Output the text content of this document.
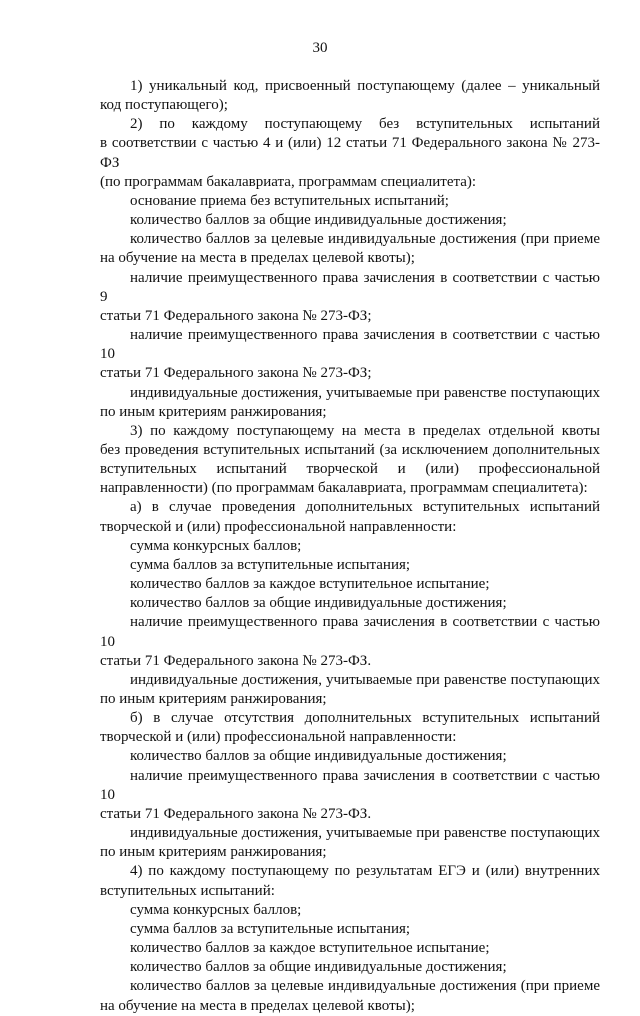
30

1) уникальный код, присвоенный поступающему (далее – уникальный
код поступающего);

2) по каждому поступающему без вступительных испытаний
в соответствии с частью 4 и (или) 12 статьи 71 Федерального закона № 273-ФЗ
(по программам бакалавриата, программам специалитета):

основание приема без вступительных испытаний;

количество баллов за общие индивидуальные достижения;

количество баллов за целевые индивидуальные достижения (при приеме
на обучение на места в пределах целевой квоты);

наличие преимущественного права зачисления в соответствии с частью 9
статьи 71 Федерального закона № 273-ФЗ;

наличие преимущественного права зачисления в соответствии с частью 10
статьи 71 Федерального закона № 273-ФЗ;

индивидуальные достижения, учитываемые при равенстве поступающих
по иным критериям ранжирования;

3) по каждому поступающему на места в пределах отдельной квоты
без проведения вступительных испытаний (за исключением дополнительных
вступительных испытаний творческой и (или) профессиональной
направленности) (по программам бакалавриата, программам специалитета):

а) в случае проведения дополнительных вступительных испытаний
творческой и (или) профессиональной направленности:

сумма конкурсных баллов;

сумма баллов за вступительные испытания;

количество баллов за каждое вступительное испытание;

количество баллов за общие индивидуальные достижения;

наличие преимущественного права зачисления в соответствии с частью 10
статьи 71 Федерального закона № 273-ФЗ.

индивидуальные достижения, учитываемые при равенстве поступающих
по иным критериям ранжирования;

б) в случае отсутствия дополнительных вступительных испытаний
творческой и (или) профессиональной направленности:

количество баллов за общие индивидуальные достижения;

наличие преимущественного права зачисления в соответствии с частью 10
статьи 71 Федерального закона № 273-ФЗ.

индивидуальные достижения, учитываемые при равенстве поступающих
по иным критериям ранжирования;

4) по каждому поступающему по результатам ЕГЭ и (или) внутренних
вступительных испытаний:

сумма конкурсных баллов;

сумма баллов за вступительные испытания;

количество баллов за каждое вступительное испытание;

количество баллов за общие индивидуальные достижения;

количество баллов за целевые индивидуальные достижения (при приеме
на обучение на места в пределах целевой квоты);
